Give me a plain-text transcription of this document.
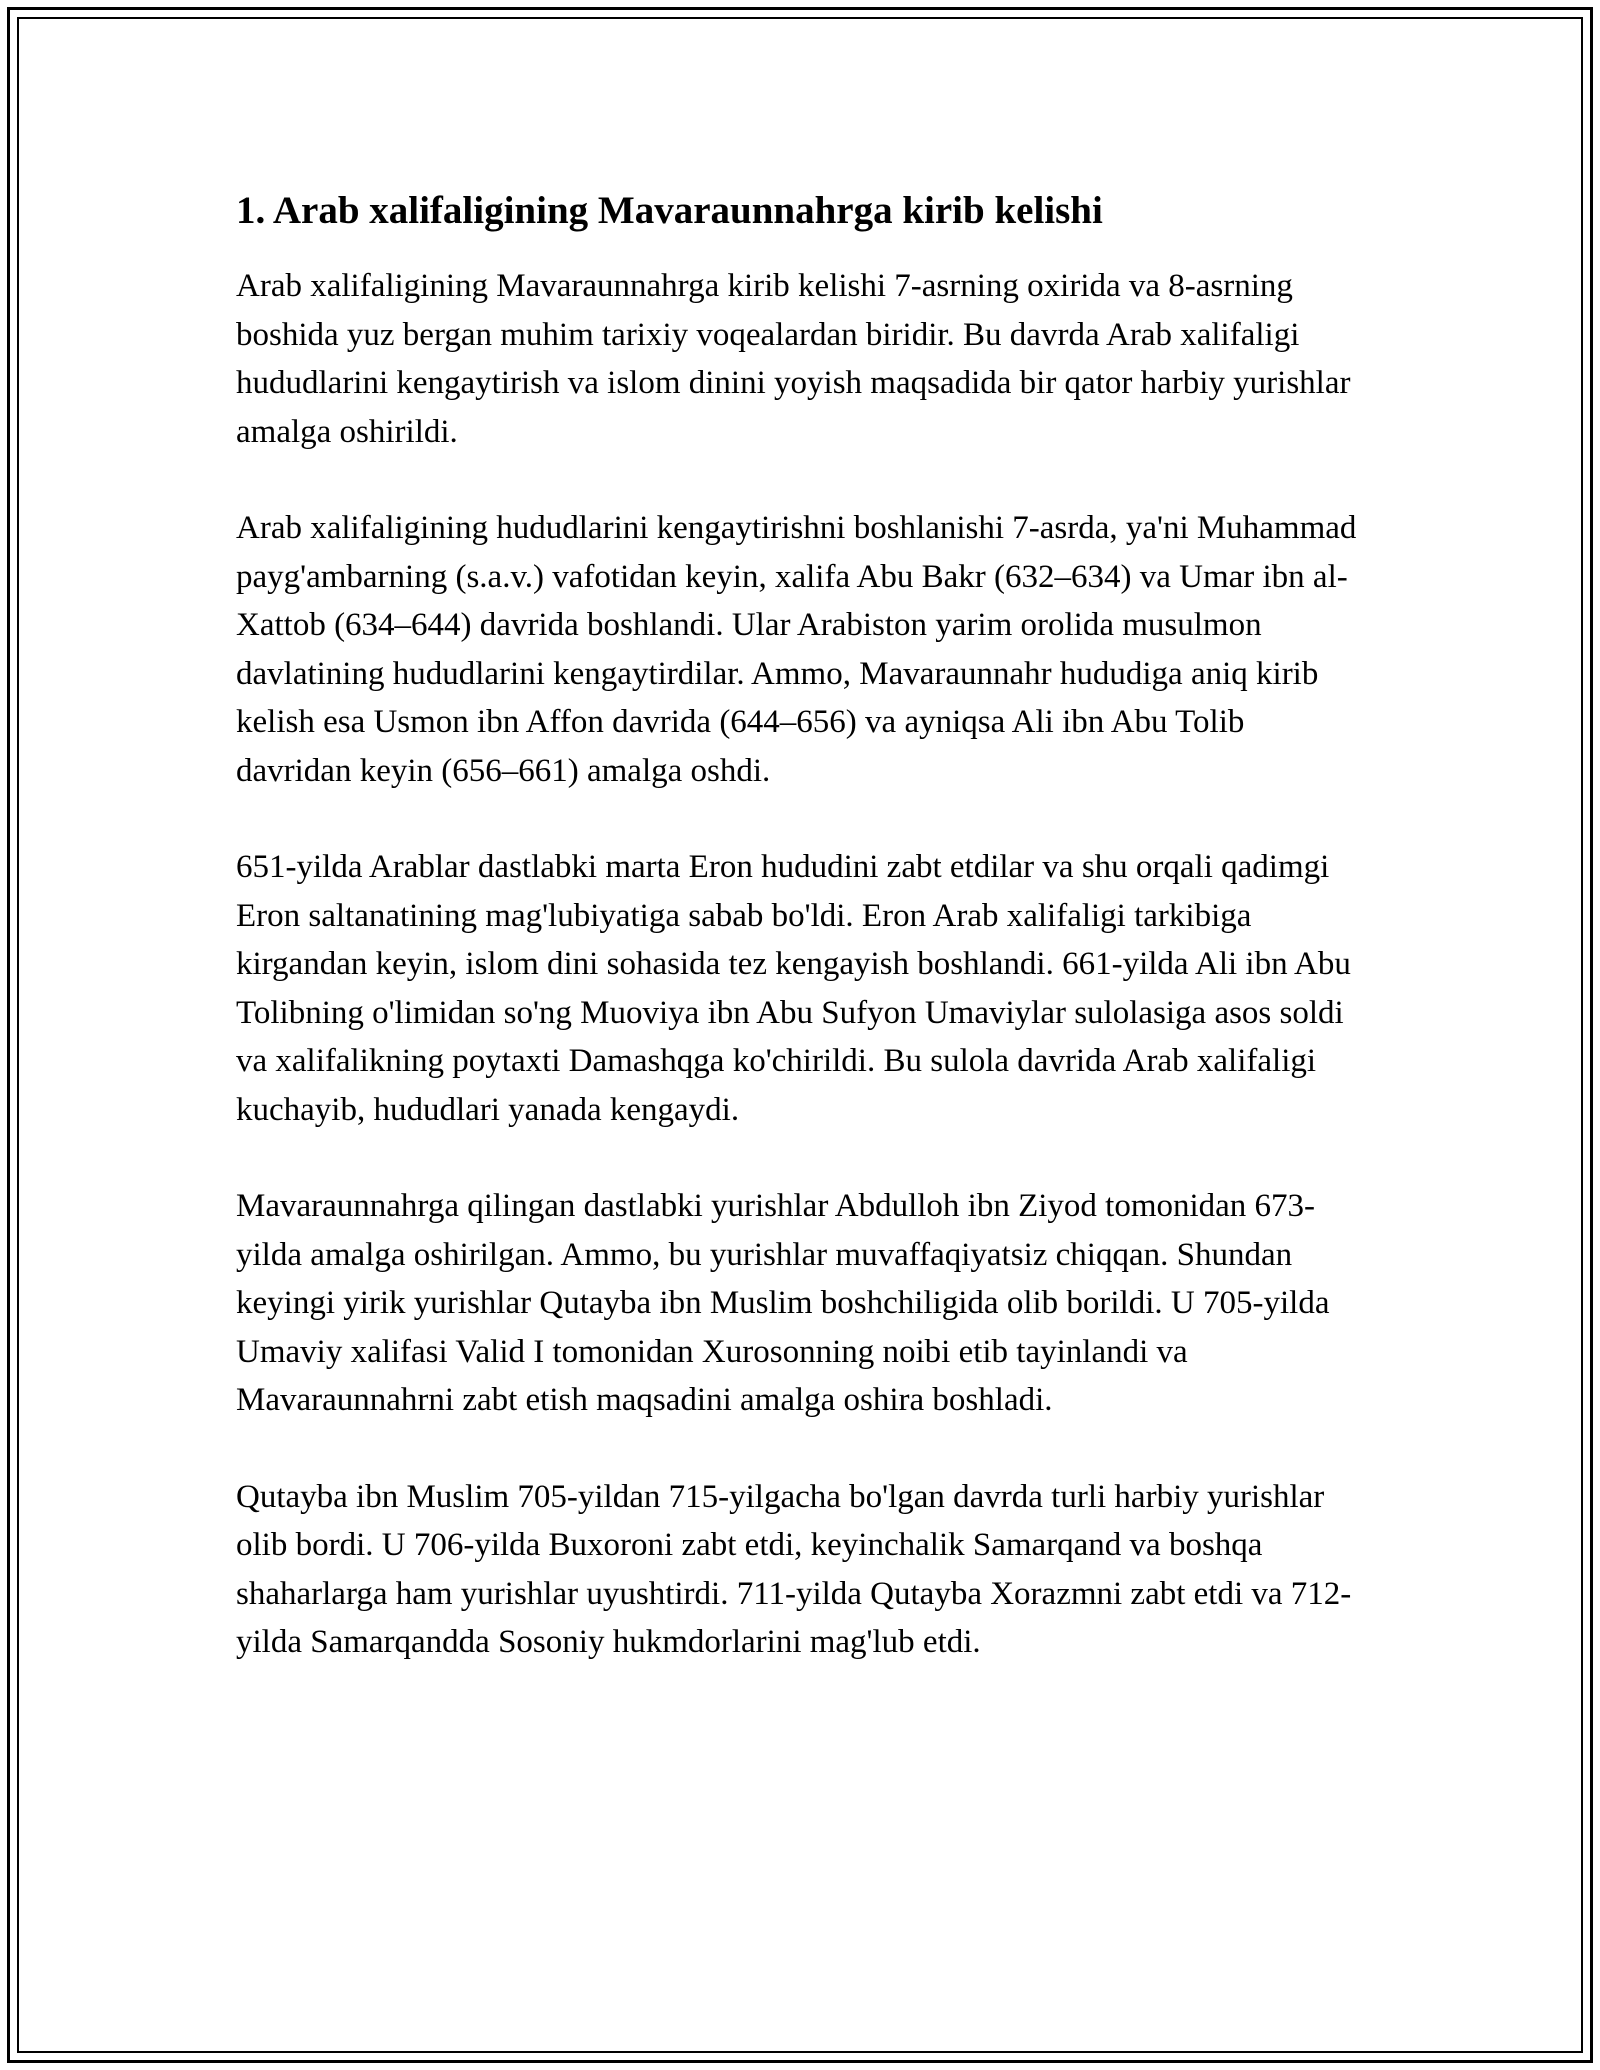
1. Arab xalifaligining Mavaraunnahrga kirib kelishi

Arab xalifaligining Mavaraunnahrga kirib kelishi 7-asrning oxirida va 8-asrning boshida yuz bergan muhim tarixiy voqealardan biridir. Bu davrda Arab xalifaligi hududlarini kengaytirish va islom dinini yoyish maqsadida bir qator harbiy yurishlar amalga oshirildi.

Arab xalifaligining hududlarini kengaytirishni boshlanishi 7-asrda, ya'ni Muhammad payg'ambarning (s.a.v.) vafotidan keyin, xalifa Abu Bakr (632–634) va Umar ibn al-Xattob (634–644) davrida boshlandi. Ular Arabiston yarim orolida musulmon davlatining hududlarini kengaytirdilar. Ammo, Mavaraunnahr hududiga aniq kirib kelish esa Usmon ibn Affon davrida (644–656) va ayniqsa Ali ibn Abu Tolib davridan keyin (656–661) amalga oshdi.

651-yilda Arablar dastlabki marta Eron hududini zabt etdilar va shu orqali qadimgi Eron saltanatining mag'lubiyatiga sabab bo'ldi. Eron Arab xalifaligi tarkibiga kirgandan keyin, islom dini sohasida tez kengayish boshlandi. 661-yilda Ali ibn Abu Tolibning o'limidan so'ng Muoviya ibn Abu Sufyon Umaviylar sulolasiga asos soldi va xalifalikning poytaxti Damashqga ko'chirildi. Bu sulola davrida Arab xalifaligi kuchayib, hududlari yanada kengaydi.

Mavaraunnahrga qilingan dastlabki yurishlar Abdulloh ibn Ziyod tomonidan 673-yilda amalga oshirilgan. Ammo, bu yurishlar muvaffaqiyatsiz chiqqan. Shundan keyingi yirik yurishlar Qutayba ibn Muslim boshchiligida olib borildi. U 705-yilda Umaviy xalifasi Valid I tomonidan Xurosonning noibi etib tayinlandi va Mavaraunnahrni zabt etish maqsadini amalga oshira boshladi.

Qutayba ibn Muslim 705-yildan 715-yilgacha bo'lgan davrda turli harbiy yurishlar olib bordi. U 706-yilda Buxoroni zabt etdi, keyinchalik Samarqand va boshqa shaharlarga ham yurishlar uyushtirdi. 711-yilda Qutayba Xorazmni zabt etdi va 712-yilda Samarqandda Sosoniy hukmdorlarini mag'lub etdi.
